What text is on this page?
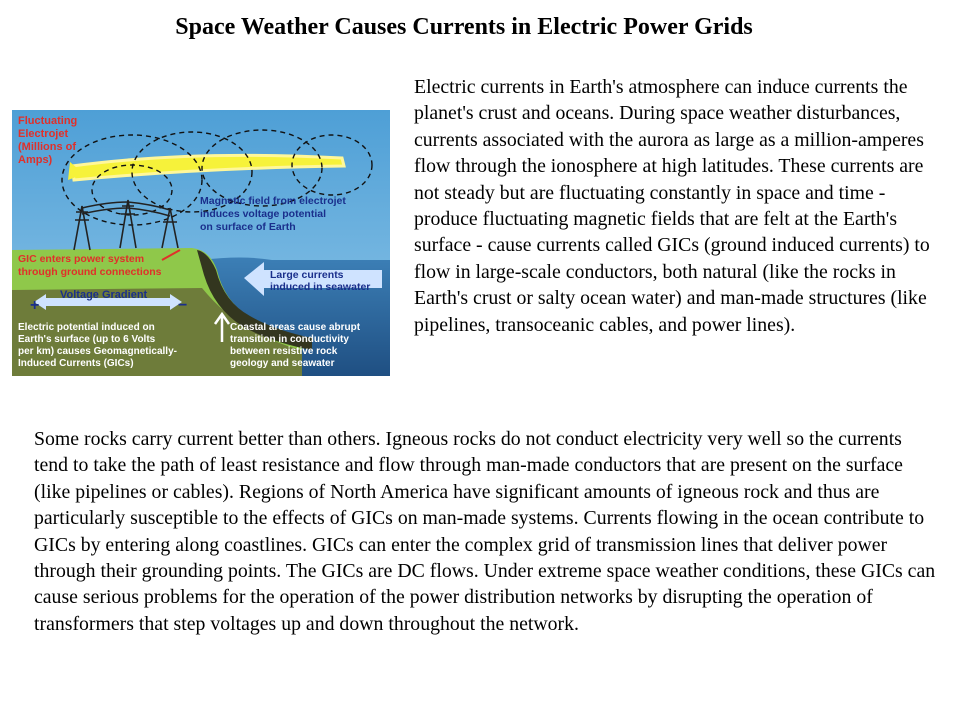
Space Weather Causes Currents in Electric Power Grids
Fluctuating Electrojet (Millions of Amps)
Magnetic field from electrojet induces voltage potential on surface of Earth
GIC enters power system through ground connections
Voltage Gradient
+	−
Large currents induced in seawater
Electric potential induced on Earth's surface (up to 6 Volts per km) causes Geomagnetically- Induced Currents (GICs)
Coastal areas cause abrupt transition in conductivity between resistive rock geology and seawater
Electric currents in Earth's atmosphere can induce currents the planet's crust and oceans. During space weather disturbances, currents associated with the aurora as large as a million-amperes flow through the ionosphere at high latitudes. These currents are not steady but are fluctuating constantly in space and time - produce fluctuating magnetic fields that are felt at the Earth's surface - cause currents called GICs (ground induced currents) to flow in large-scale conductors, both natural (like the rocks in Earth's crust or salty ocean water) and man-made structures (like pipelines, transoceanic cables, and power lines).
Some rocks carry current better than others. Igneous rocks do not conduct electricity very well so the currents tend to take the path of least resistance and flow through man-made conductors that are present on the surface (like pipelines or cables). Regions of North America have significant amounts of igneous rock and thus are particularly susceptible to the effects of GICs on man-made systems. Currents flowing in the ocean contribute to GICs by entering along coastlines. GICs can enter the complex grid of transmission lines that deliver power through their grounding points. The GICs are DC flows. Under extreme space weather conditions, these GICs can cause serious problems for the operation of the power distribution networks by disrupting the operation of transformers that step voltages up and down throughout the network.
